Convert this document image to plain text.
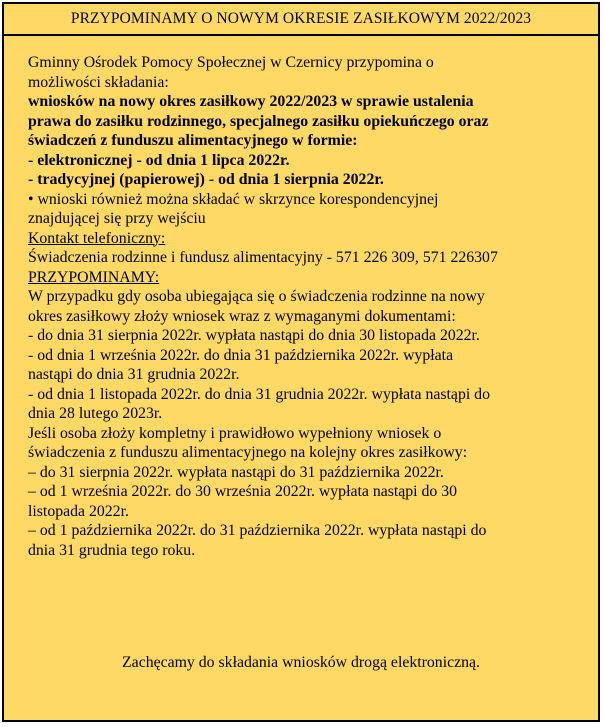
PRZYPOMINAMY O NOWYM OKRESIE ZASIŁKOWYM 2022/2023
Gminny Ośrodek Pomocy Społecznej w Czernicy przypomina o
możliwości składania:
wniosków na nowy okres zasiłkowy 2022/2023 w sprawie ustalenia
prawa do zasiłku rodzinnego, specjalnego zasiłku opiekuńczego oraz
świadczeń z funduszu alimentacyjnego w formie:
- elektronicznej - od dnia 1 lipca 2022r.
- tradycyjnej (papierowej) - od dnia 1 sierpnia 2022r.
• wnioski również można składać w skrzynce korespondencyjnej
znajdującej się przy wejściu
Kontakt telefoniczny:
Świadczenia rodzinne i fundusz alimentacyjny - 571 226 309, 571 226307
PRZYPOMINAMY:
W przypadku gdy osoba ubiegająca się o świadczenia rodzinne na nowy
okres zasiłkowy złoży wniosek wraz z wymaganymi dokumentami:
- do dnia 31 sierpnia 2022r. wypłata nastąpi do dnia 30 listopada 2022r.
- od dnia 1 września 2022r. do dnia 31 października 2022r. wypłata
nastąpi do dnia 31 grudnia 2022r.
- od dnia 1 listopada 2022r. do dnia 31 grudnia 2022r. wypłata nastąpi do
dnia 28 lutego 2023r.
Jeśli osoba złoży kompletny i prawidłowo wypełniony wniosek o
świadczenia z funduszu alimentacyjnego na kolejny okres zasiłkowy:
– do 31 sierpnia 2022r. wypłata nastąpi do 31 października 2022r.
– od 1 września 2022r. do 30 września 2022r. wypłata nastąpi do 30
listopada 2022r.
– od 1 października 2022r. do 31 października 2022r. wypłata nastąpi do
dnia 31 grudnia tego roku.
Zachęcamy do składania wniosków drogą elektroniczną.
